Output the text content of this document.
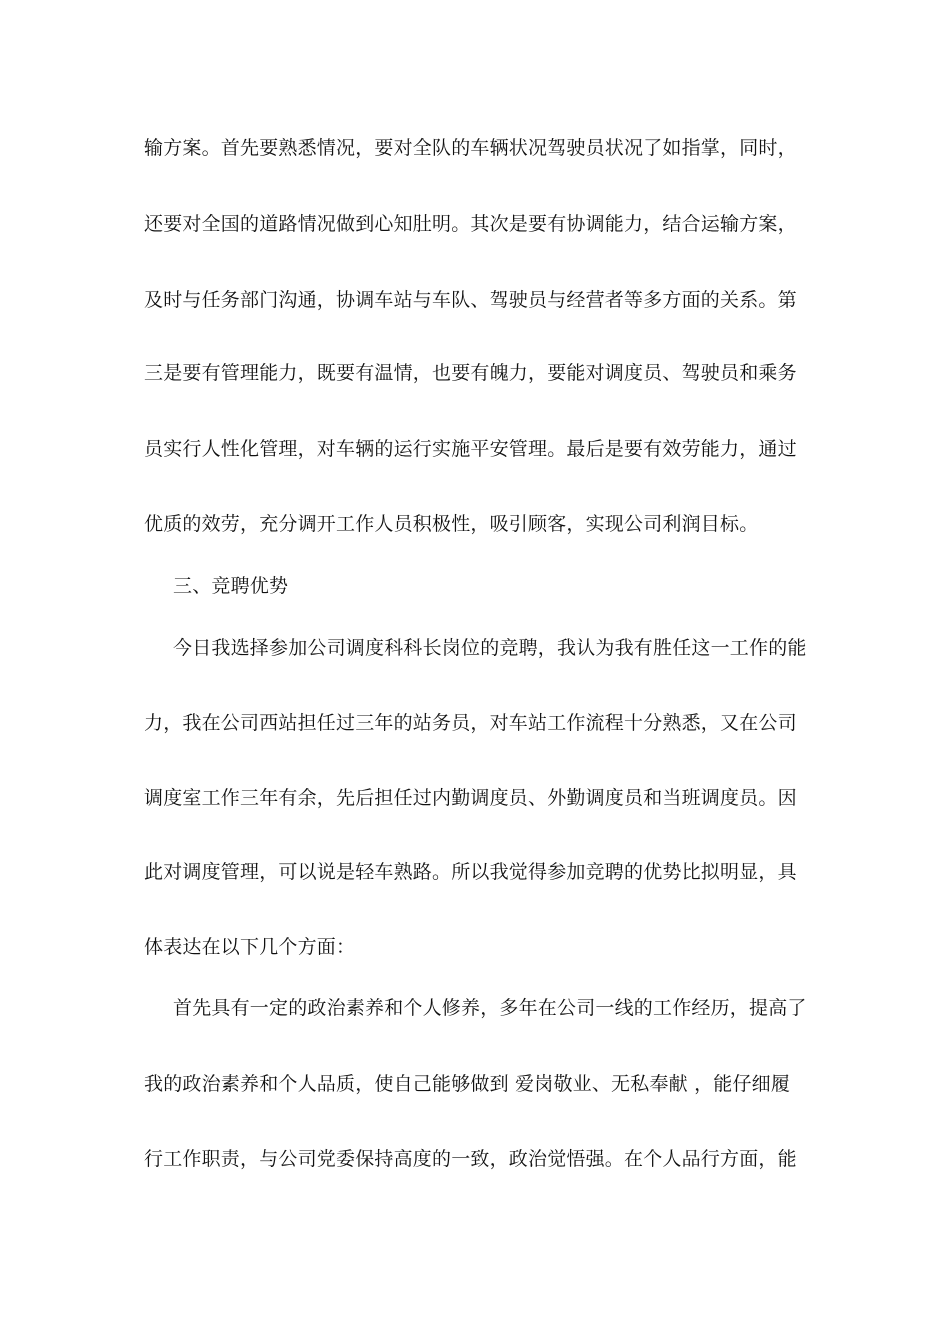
输方案。首先要熟悉情况，要对全队的车辆状况驾驶员状况了如指掌，同时，
还要对全国的道路情况做到心知肚明。其次是要有协调能力，结合运输方案，
及时与任务部门沟通，协调车站与车队、驾驶员与经营者等多方面的关系。第
三是要有管理能力，既要有温情，也要有魄力，要能对调度员、驾驶员和乘务
员实行人性化管理，对车辆的运行实施平安管理。最后是要有效劳能力，通过
优质的效劳，充分调开工作人员积极性，吸引顾客，实现公司利润目标。
三、竞聘优势
今日我选择参加公司调度科科长岗位的竞聘，我认为我有胜任这一工作的能
力，我在公司西站担任过三年的站务员，对车站工作流程十分熟悉，又在公司
调度室工作三年有余，先后担任过内勤调度员、外勤调度员和当班调度员。因
此对调度管理，可以说是轻车熟路。所以我觉得参加竞聘的优势比拟明显，具
体表达在以下几个方面：
首先具有一定的政治素养和个人修养，多年在公司一线的工作经历，提高了
我的政治素养和个人品质，使自己能够做到 爱岗敬业、无私奉献 ，能仔细履
行工作职责，与公司党委保持高度的一致，政治觉悟强。在个人品行方面，能
